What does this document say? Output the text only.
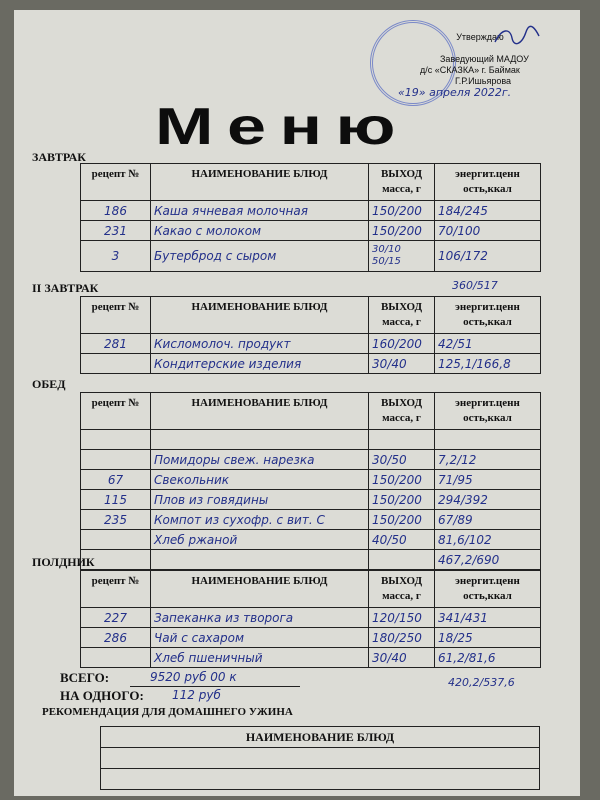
Утверждаю
Заведующий МАДОУ
д/с «СКАЗКА» г. Баймак
Г.Р.Ишьярова
«19» апреля 2022г.
Меню
ЗАВТРАК
рецепт №	НАИМЕНОВАНИЕ БЛЮД	ВЫХОД масса, г	энергит.ценн ость,ккал
186	Каша ячневая молочная	150/200	184/245
231	Какао с молоком	150/200	70/100
3	Бутерброд с сыром	30/10 50/15	106/172
360/517
II ЗАВТРАК
рецепт №	НАИМЕНОВАНИЕ БЛЮД	ВЫХОД масса, г	энергит.ценн ость,ккал
281	Кисломолоч. продукт	160/200	42/51
	Кондитерские изделия	30/40	125,1/166,8
ОБЕД
рецепт №	НАИМЕНОВАНИЕ БЛЮД	ВЫХОД масса, г	энергит.ценн ость,ккал

	Помидоры свеж. нарезка	30/50	7,2/12
67	Свекольник	150/200	71/95
115	Плов из говядины	150/200	294/392
235	Компот из сухофр. с вит. С	150/200	67/89
	Хлеб ржаной	40/50	81,6/102
			467,2/690
ПОЛДНИК
рецепт №	НАИМЕНОВАНИЕ БЛЮД	ВЫХОД масса, г	энергит.ценн ость,ккал
227	Запеканка из творога	120/150	341/431
286	Чай с сахаром	180/250	18/25
	Хлеб пшеничный	30/40	61,2/81,6
ВСЕГО:	9520 руб 00 к
НА ОДНОГО: 112 руб
420,2/537,6
РЕКОМЕНДАЦИЯ ДЛЯ ДОМАШНЕГО УЖИНА
НАИМЕНОВАНИЕ БЛЮД
